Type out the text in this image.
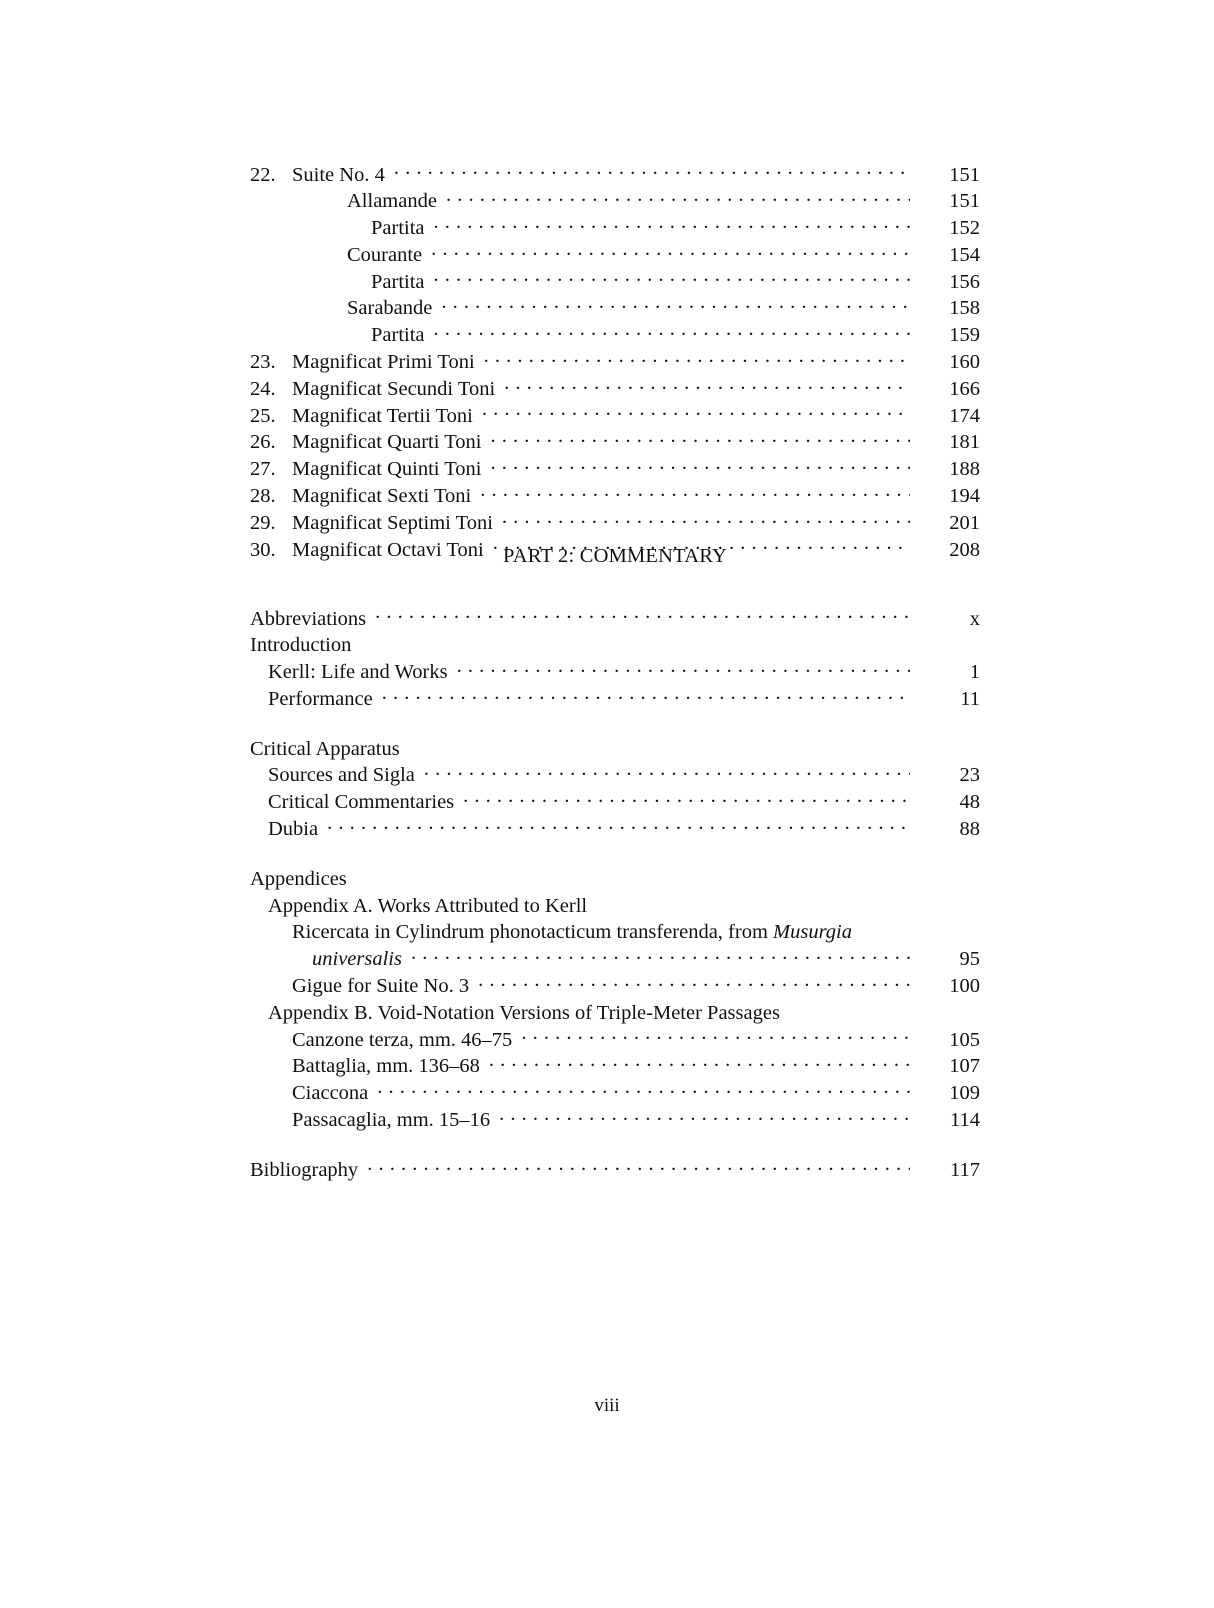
22. Suite No. 4 . . .	151
Allamande . . .	151
Partita . . .	152
Courante . . .	154
Partita . . .	156
Sarabande . . .	158
Partita . . .	159
23. Magnificat Primi Toni . . .	160
24. Magnificat Secundi Toni . . .	166
25. Magnificat Tertii Toni . . .	174
26. Magnificat Quarti Toni . . .	181
27. Magnificat Quinti Toni . . .	188
28. Magnificat Sexti Toni . . .	194
29. Magnificat Septimi Toni . . .	201
30. Magnificat Octavi Toni . . .	208
PART 2: COMMENTARY
Abbreviations . . .	x
Introduction
Kerll: Life and Works . . .	1
Performance . . .	11
Critical Apparatus
Sources and Sigla . . .	23
Critical Commentaries . . .	48
Dubia . . .	88
Appendices
Appendix A. Works Attributed to Kerll
Ricercata in Cylindrum phonotacticum transferenda, from Musurgia
universalis . . .	95
Gigue for Suite No. 3 . . .	100
Appendix B. Void-Notation Versions of Triple-Meter Passages
Canzone terza, mm. 46–75 . . .	105
Battaglia, mm. 136–68 . . .	107
Ciaccona . . .	109
Passacaglia, mm. 15–16 . . .	114
Bibliography . . .	117
viii
